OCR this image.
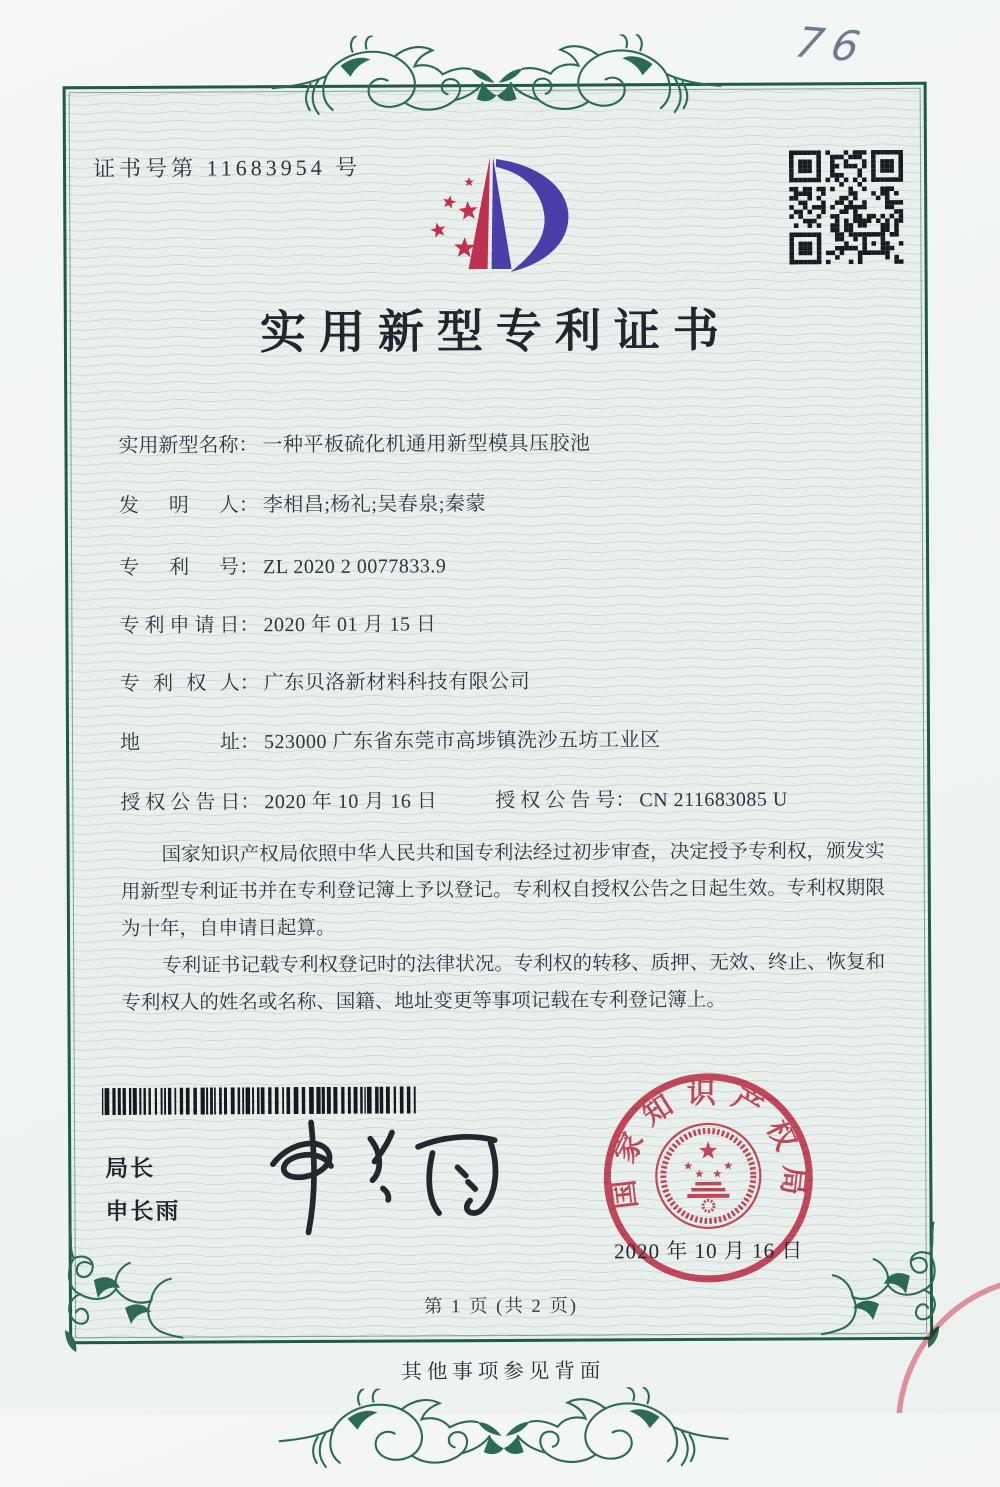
76
证书号第 11683954 号
实用新型专利证书
实用新型名称： 一种平板硫化机通用新型模具压胶池
发明人： 李相昌;杨礼;吴春泉;秦蒙
专利号： ZL 2020 2 0077833.9
专利申请日： 2020 年 01 月 15 日
专利权人： 广东贝洛新材料科技有限公司
地址： 523000 广东省东莞市高埗镇洗沙五坊工业区
授权公告日： 2020 年 10 月 16 日	授权公告号： CN 211683085 U

国家知识产权局依照中华人民共和国专利法经过初步审查，决定授予专利权，颁发实用新型专利证书并在专利登记簿上予以登记。专利权自授权公告之日起生效。专利权期限为十年，自申请日起算。

专利证书记载专利权登记时的法律状况。专利权的转移、质押、无效、终止、恢复和专利权人的姓名或名称、国籍、地址变更等事项记载在专利登记簿上。

局长
申长雨
国家知识产权局
2020 年 10 月 16 日
第 1 页 (共 2 页)
其他事项参见背面
